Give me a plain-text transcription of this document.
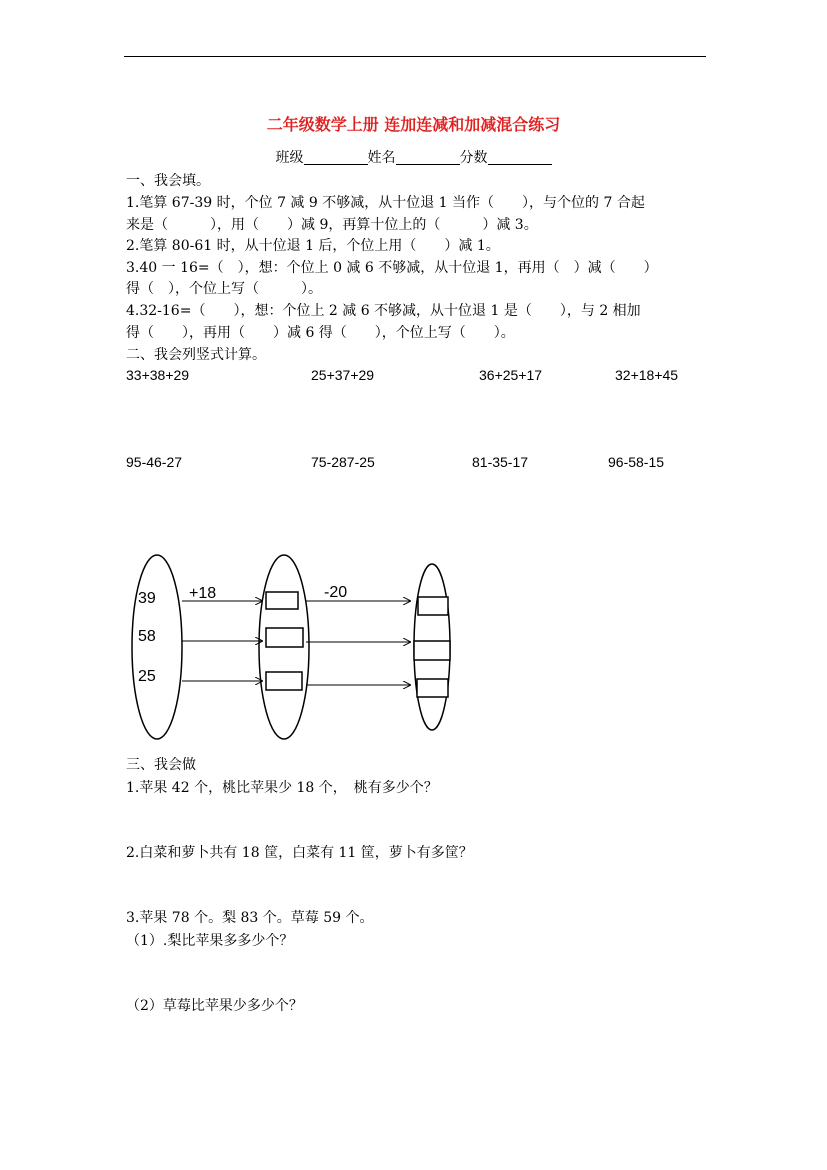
二年级数学上册 连加连减和加减混合练习
班级	姓名	分数
一、我会填。
1.笔算 67-39 时，个位 7 减 9 不够减，从十位退 1 当作（　　），与个位的 7 合起
来是（　　　），用（　　）减 9，再算十位上的（　　　）减 3。
2.笔算 80-61 时，从十位退 1 后，个位上用（　　）减 1。
3.40 一 16=（　），想：个位上 0 减 6 不够减，从十位退 1，再用（　）减（　　）
得（　），个位上写（　　　）。
4.32-16=（　　），想：个位上 2 减 6 不够减，从十位退 1 是（　　），与 2 相加
得（　　），再用（　　）减 6 得（　　），个位上写（　　）。
二、我会列竖式计算。
33+38+29	25+37+29	36+25+17	32+18+45
95-46-27	75-287-25	81-35-17	96-58-15
39
58
25
+18	-20
三、我会做
1.苹果 42 个，桃比苹果少 18 个，　桃有多少个？
2.白菜和萝卜共有 18 筐，白菜有 11 筐，萝卜有多筐？
3.苹果 78 个。梨 83 个。草莓 59 个。
（1）.梨比苹果多多少个？
（2）草莓比苹果少多少个？
